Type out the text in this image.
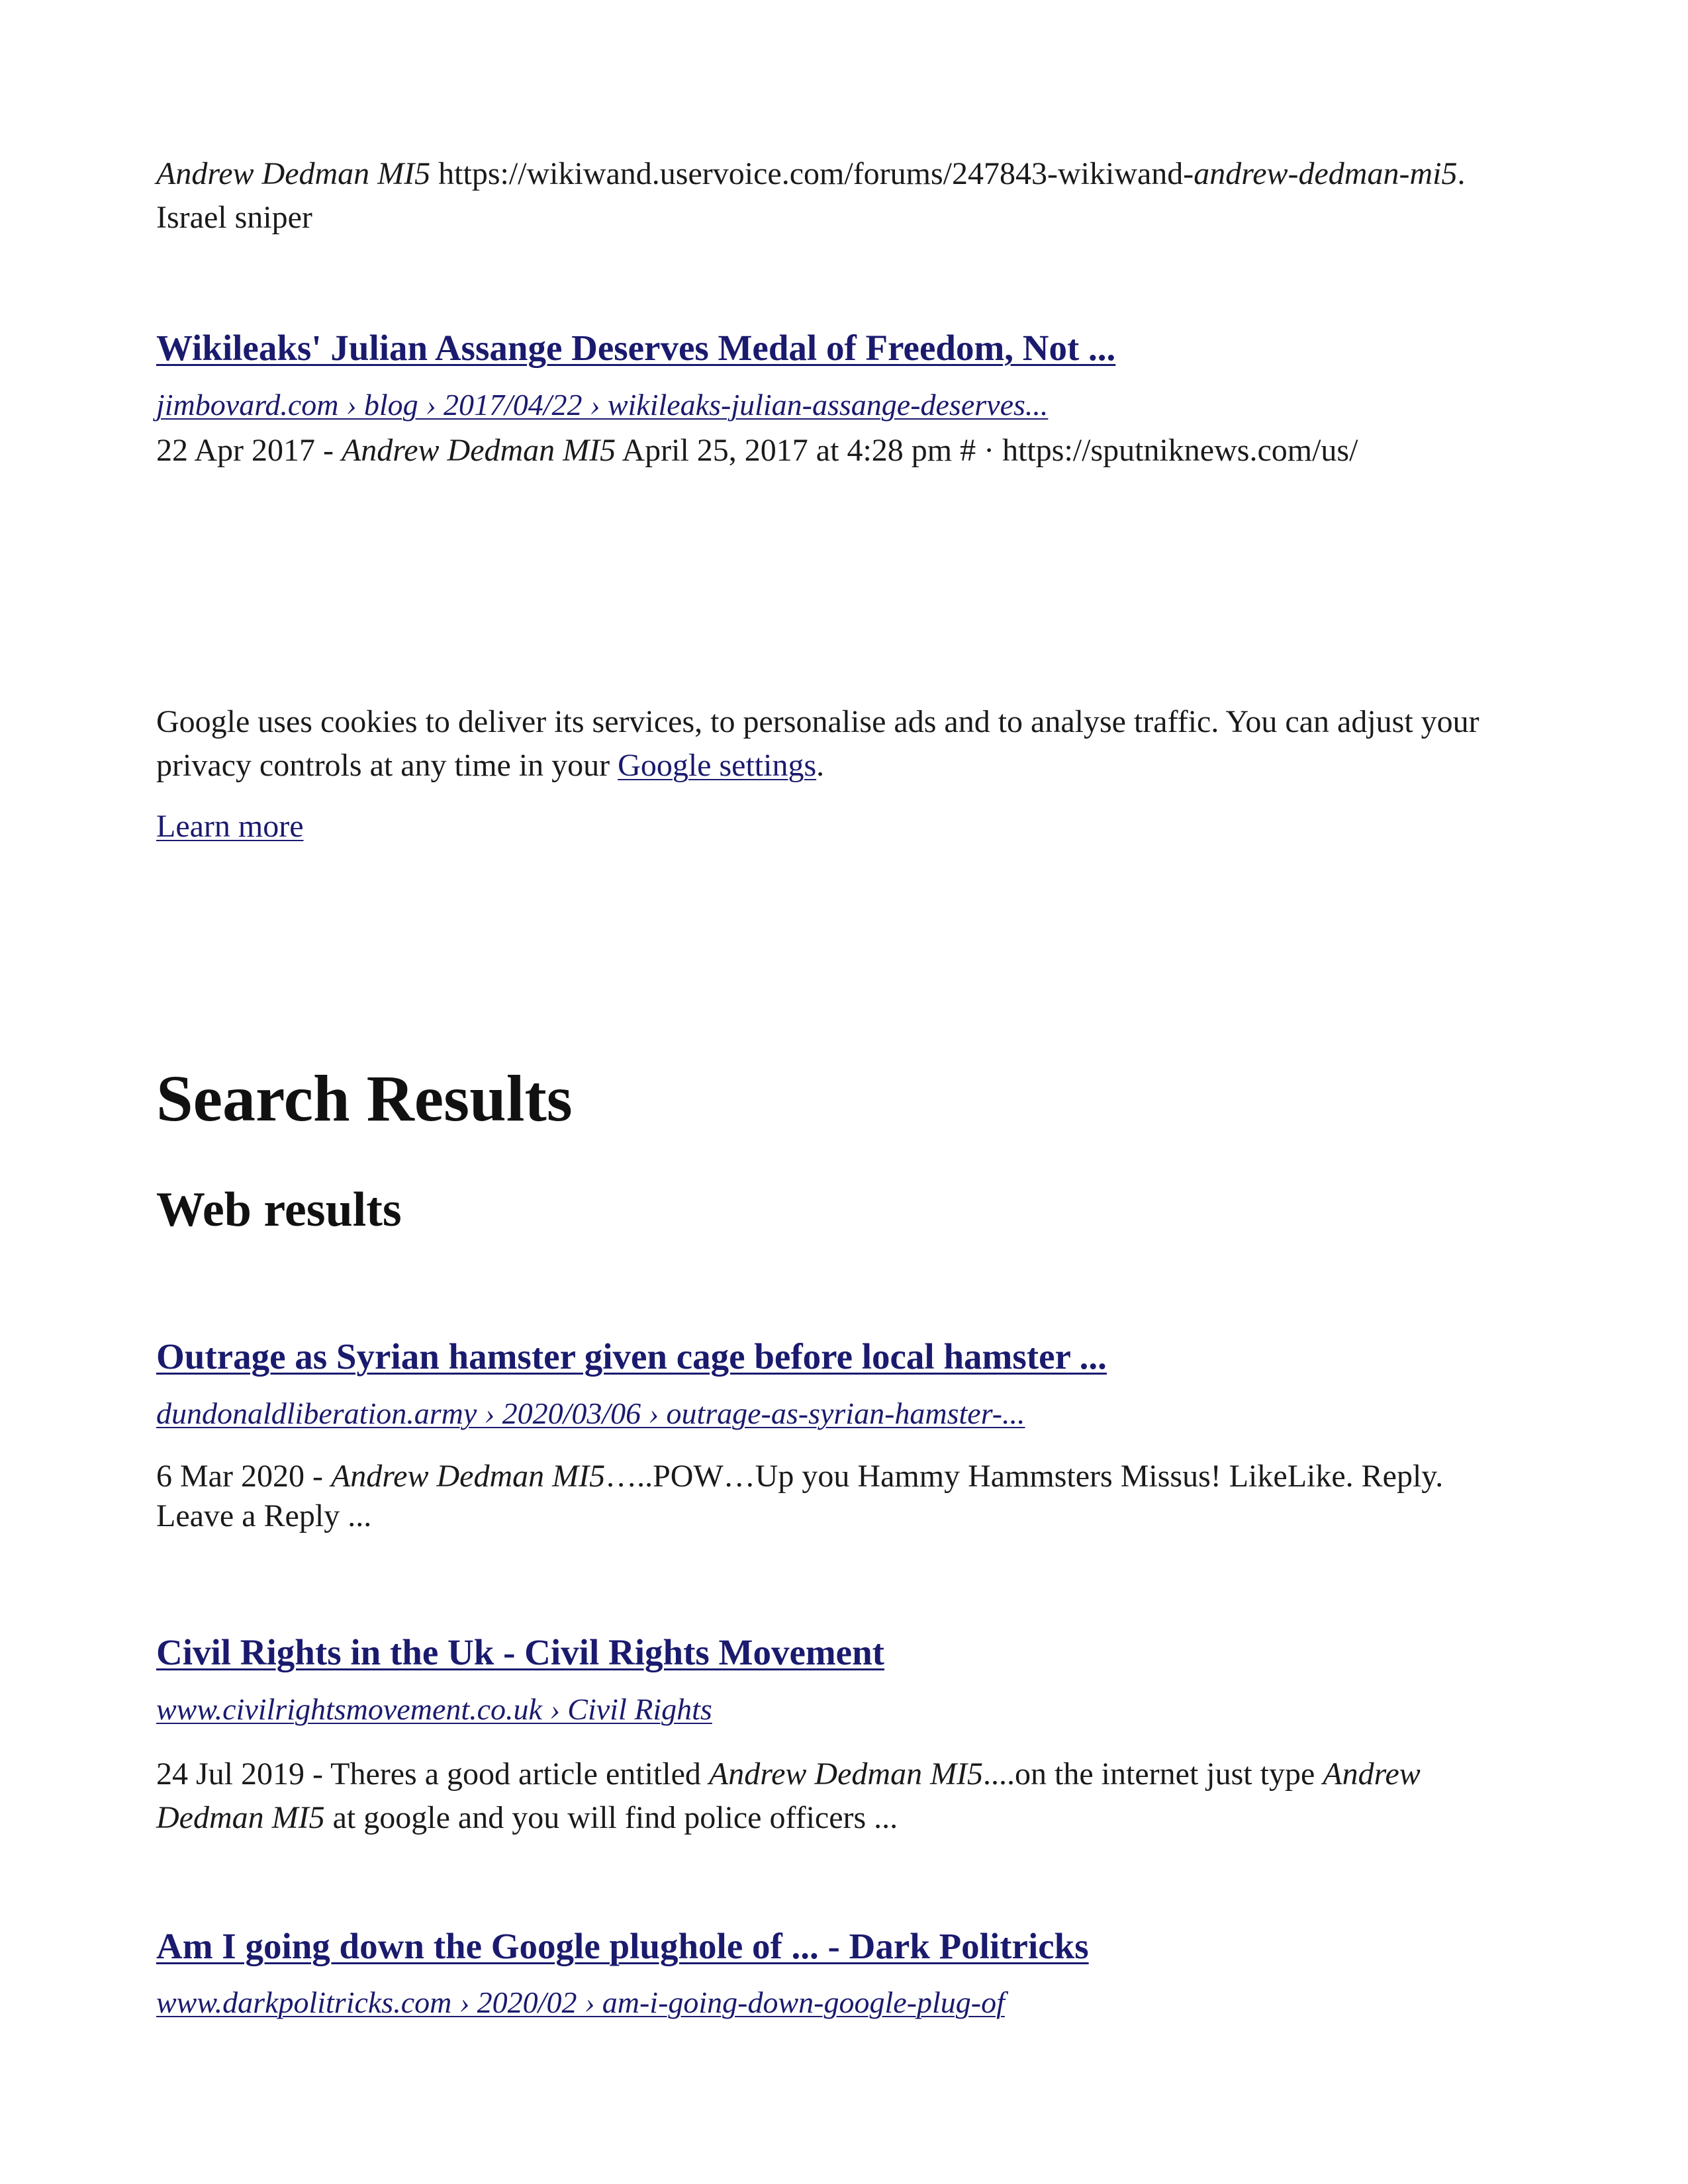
Andrew Dedman MI5 https://wikiwand.uservoice.com/forums/247843-wikiwand-andrew-dedman-mi5.
Israel sniper

Wikileaks' Julian Assange Deserves Medal of Freedom, Not ...

jimbovard.com › blog › 2017/04/22 › wikileaks-julian-assange-deserves...

22 Apr 2017 - Andrew Dedman MI5 April 25, 2017 at 4:28 pm # · https://sputniknews.com/us/

Google uses cookies to deliver its services, to personalise ads and to analyse traffic. You can adjust your privacy controls at any time in your Google settings.

Learn more

Search Results
Web results

Outrage as Syrian hamster given cage before local hamster ...

dundonaldliberation.army › 2020/03/06 › outrage-as-syrian-hamster-...

6 Mar 2020 - Andrew Dedman MI5…..POW…Up you Hammy Hammsters Missus! LikeLike. Reply.
Leave a Reply ...

Civil Rights in the Uk - Civil Rights Movement

www.civilrightsmovement.co.uk › Civil Rights

24 Jul 2019 - Theres a good article entitled Andrew Dedman MI5....on the internet just type Andrew
Dedman MI5 at google and you will find police officers ...

Am I going down the Google plughole of ... - Dark Politricks

www.darkpolitricks.com › 2020/02 › am-i-going-down-google-plug-of
